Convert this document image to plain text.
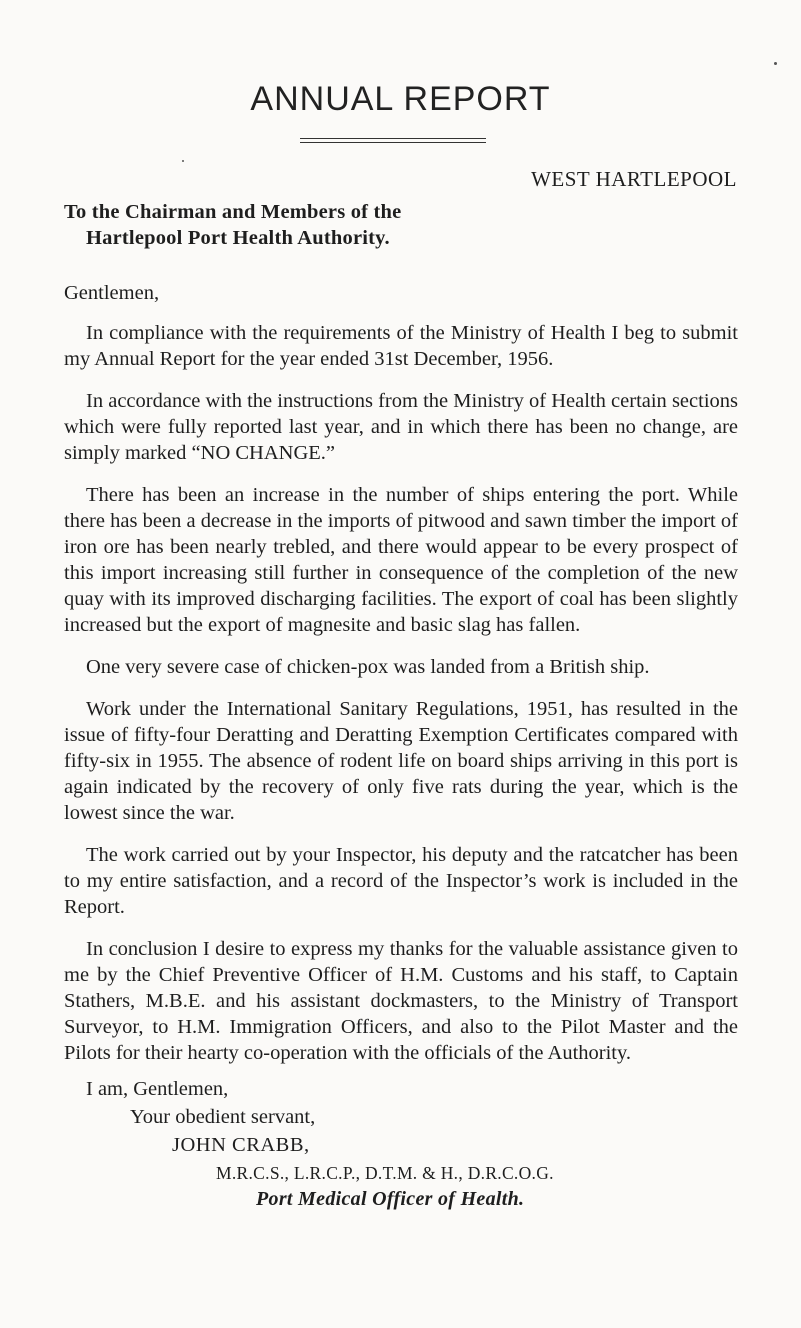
ANNUAL REPORT
WEST HARTLEPOOL
To the Chairman and Members of the
Hartlepool Port Health Authority.
Gentlemen,

In compliance with the requirements of the Ministry of Health I beg to submit my Annual Report for the year ended 31st December, 1956.

In accordance with the instructions from the Ministry of Health certain sections which were fully reported last year, and in which there has been no change, are simply marked “NO CHANGE.”

There has been an increase in the number of ships entering the port. While there has been a decrease in the imports of pitwood and sawn timber the import of iron ore has been nearly trebled, and there would appear to be every prospect of this import increasing still further in consequence of the completion of the new quay with its improved discharging facilities. The export of coal has been slightly increased but the export of magnesite and basic slag has fallen.

One very severe case of chicken-pox was landed from a British ship.

Work under the International Sanitary Regulations, 1951, has resulted in the issue of fifty-four Deratting and Deratting Exemption Certificates compared with fifty-six in 1955. The absence of rodent life on board ships arriving in this port is again indicated by the recovery of only five rats during the year, which is the lowest since the war.

The work carried out by your Inspector, his deputy and the ratcatcher has been to my entire satisfaction, and a record of the Inspector’s work is included in the Report.

In conclusion I desire to express my thanks for the valuable assistance given to me by the Chief Preventive Officer of H.M. Customs and his staff, to Captain Stathers, M.B.E. and his assistant dockmasters, to the Ministry of Transport Surveyor, to H.M. Immigration Officers, and also to the Pilot Master and the Pilots for their hearty co-operation with the officials of the Authority.

I am, Gentlemen,
Your obedient servant,
JOHN CRABB,
M.R.C.S., L.R.C.P., D.T.M. & H., D.R.C.O.G.
Port Medical Officer of Health.
